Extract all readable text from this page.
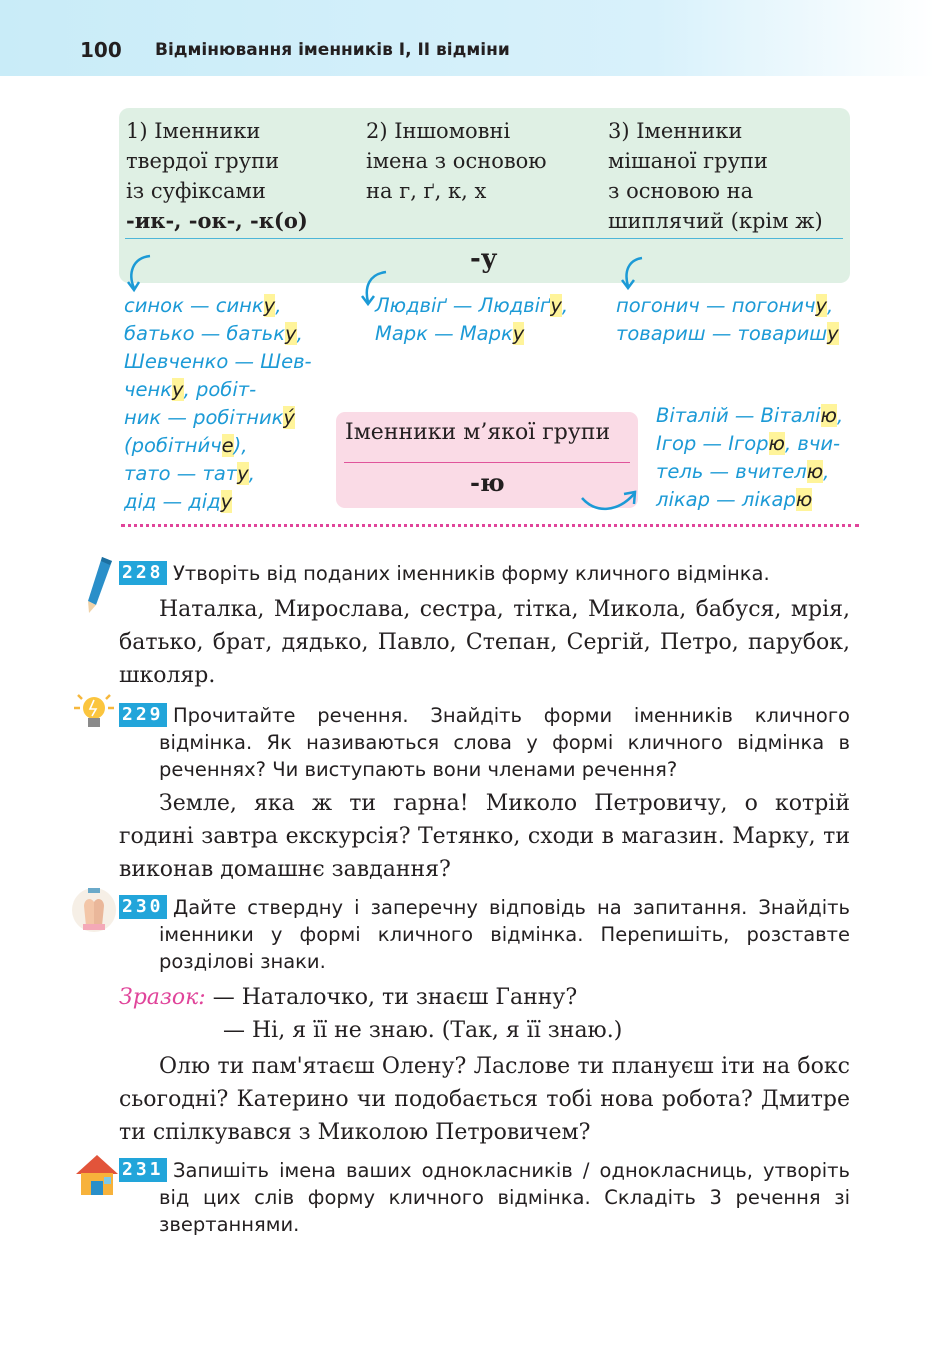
100 Відмінювання іменників І, ІІ відміни
1) Іменники
твердої групи
із суфіксами
-ик-, -ок-, -к(о)
2) Іншомовні
імена з основою
на г, ґ, к, х
3) Іменники
мішаної групи
з основою на
шиплячий (крім ж)
-у
синок — синку,
батько — батьку,
Шевченко — Шев-
ченку, робіт-
ник — робітнику́
(робітни́че),
тато — тату,
дід — діду
Людвіґ — Людвіґу,
Марк — Марку
погонич — погоничу,
товариш — товаришу
Іменники м’якої групи
-ю
Віталій — Віталію,
Ігор — Ігорю, вчи-
тель — вчителю,
лікар — лікарю
228 Утворіть від поданих іменників форму кличного відмінка.
Наталка, Мирослава, сестра, тітка, Микола, бабуся, мрія, батько, брат, дядько, Павло, Степан, Сергій, Петро, парубок, школяр.
229 Прочитайте речення. Знайдіть форми іменників кличного відмінка. Як називаються слова у формі кличного відмінка в реченнях? Чи виступають вони членами речення?
Земле, яка ж ти гарна! Миколо Петровичу, о котрій годині завтра екскурсія? Тетянко, сходи в магазин. Марку, ти виконав домашнє завдання?
230 Дайте ствердну і заперечну відповідь на запитання. Знайдіть іменники у формі кличного відмінка. Перепишіть, розставте розділові знаки.
Зразок: — Наталочко, ти знаєш Ганну?
— Ні, я її не знаю. (Так, я її знаю.)
Олю ти пам'ятаєш Олену? Ласлове ти плануєш іти на бокс сьогодні? Катерино чи подобається тобі нова робота? Дмитре ти спілкувався з Миколою Петровичем?
231 Запишіть імена ваших однокласників / однокласниць, утворіть від цих слів форму кличного відмінка. Складіть 3 речення зі звертаннями.
